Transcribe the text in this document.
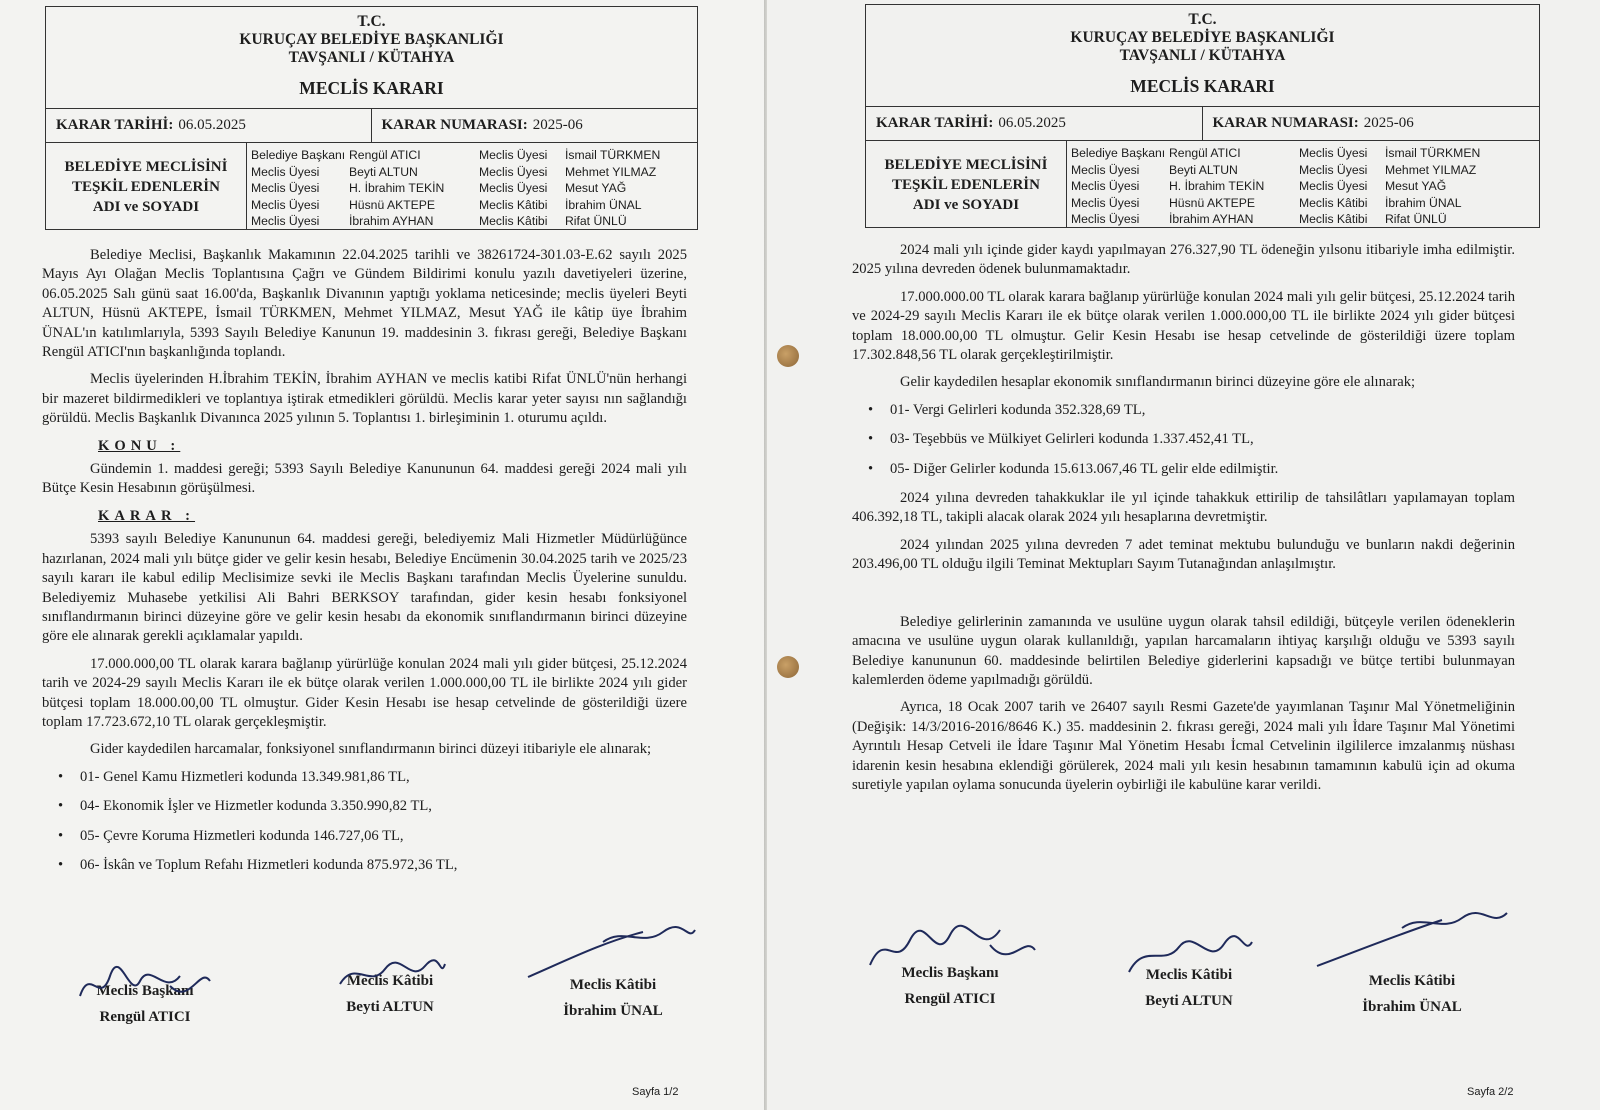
T.C.
KURUÇAY BELEDİYE BAŞKANLIĞI
TAVŞANLI / KÜTAHYA
MECLİS KARARI
KARAR TARİHİ: 06.05.2025	KARAR NUMARASI: 2025-06
BELEDİYE MECLİSİNİ
TEŞKİL EDENLERİN
ADI ve SOYADI
Belediye Başkanı Rengül ATICI	Meclis Üyesi	İsmail TÜRKMEN
Meclis Üyesi	Beyti ALTUN	Meclis Üyesi	Mehmet YILMAZ
Meclis Üyesi	H. İbrahim TEKİN	Meclis Üyesi	Mesut YAĞ
Meclis Üyesi	Hüsnü AKTEPE	Meclis Kâtibi	İbrahim ÜNAL
Meclis Üyesi	İbrahim AYHAN	Meclis Kâtibi	Rifat ÜNLÜ

Belediye Meclisi, Başkanlık Makamının 22.04.2025 tarihli ve 38261724-301.03-E.62 sayılı 2025 Mayıs Ayı Olağan Meclis Toplantısına Çağrı ve Gündem Bildirimi konulu yazılı davetiyeleri üzerine, 06.05.2025 Salı günü saat 16.00'da, Başkanlık Divanının yaptığı yoklama neticesinde; meclis üyeleri Beyti ALTUN, Hüsnü AKTEPE, İsmail TÜRKMEN, Mehmet YILMAZ, Mesut YAĞ ile kâtip üye İbrahim ÜNAL'ın katılımlarıyla, 5393 Sayılı Belediye Kanunun 19. maddesinin 3. fıkrası gereği, Belediye Başkanı Rengül ATICI'nın başkanlığında toplandı.

Meclis üyelerinden H.İbrahim TEKİN, İbrahim AYHAN ve meclis katibi Rifat ÜNLÜ'nün herhangi bir mazeret bildirmedikleri ve toplantıya iştirak etmedikleri görüldü. Meclis karar yeter sayısı nın sağlandığı görüldü. Meclis Başkanlık Divanınca 2025 yılının 5. Toplantısı 1. birleşiminin 1. oturumu açıldı.

KONU :

Gündemin 1. maddesi gereği; 5393 Sayılı Belediye Kanununun 64. maddesi gereği 2024 mali yılı Bütçe Kesin Hesabının görüşülmesi.

KARAR :

5393 sayılı Belediye Kanununun 64. maddesi gereği, belediyemiz Mali Hizmetler Müdürlüğünce hazırlanan, 2024 mali yılı bütçe gider ve gelir kesin hesabı, Belediye Encümenin 30.04.2025 tarih ve 2025/23 sayılı kararı ile kabul edilip Meclisimize sevki ile Meclis Başkanı tarafından Meclis Üyelerine sunuldu. Belediyemiz Muhasebe yetkilisi Ali Bahri BERKSOY tarafından, gider kesin hesabı fonksiyonel sınıflandırmanın birinci düzeyine göre ve gelir kesin hesabı da ekonomik sınıflandırmanın birinci düzeyine göre ele alınarak gerekli açıklamalar yapıldı.

17.000.000,00 TL olarak karara bağlanıp yürürlüğe konulan 2024 mali yılı gider bütçesi, 25.12.2024 tarih ve 2024-29 sayılı Meclis Kararı ile ek bütçe olarak verilen 1.000.000,00 TL ile birlikte 2024 yılı gider bütçesi toplam 18.000.00,00 TL olmuştur. Gider Kesin Hesabı ise hesap cetvelinde de gösterildiği üzere toplam 17.723.672,10 TL olarak gerçekleşmiştir.

Gider kaydedilen harcamalar, fonksiyonel sınıflandırmanın birinci düzeyi itibariyle ele alınarak;

• 01- Genel Kamu Hizmetleri kodunda 13.349.981,86 TL,
• 04- Ekonomik İşler ve Hizmetler kodunda 3.350.990,82 TL,
• 05- Çevre Koruma Hizmetleri kodunda 146.727,06 TL,
• 06- İskân ve Toplum Refahı Hizmetleri kodunda 875.972,36 TL,
Meclis Başkanı
Rengül ATICI
Meclis Kâtibi
Beyti ALTUN
Meclis Kâtibi
İbrahim ÜNAL
Sayfa 1/2
T.C.
KURUÇAY BELEDİYE BAŞKANLIĞI
TAVŞANLI / KÜTAHYA
MECLİS KARARI
KARAR TARİHİ: 06.05.2025	KARAR NUMARASI: 2025-06
BELEDİYE MECLİSİNİ
TEŞKİL EDENLERİN
ADI ve SOYADI
Belediye Başkanı Rengül ATICI	Meclis Üyesi	İsmail TÜRKMEN
Meclis Üyesi	Beyti ALTUN	Meclis Üyesi	Mehmet YILMAZ
Meclis Üyesi	H. İbrahim TEKİN	Meclis Üyesi	Mesut YAĞ
Meclis Üyesi	Hüsnü AKTEPE	Meclis Kâtibi	İbrahim ÜNAL
Meclis Üyesi	İbrahim AYHAN	Meclis Kâtibi	Rifat ÜNLÜ

2024 mali yılı içinde gider kaydı yapılmayan 276.327,90 TL ödeneğin yılsonu itibariyle imha edilmiştir. 2025 yılına devreden ödenek bulunmamaktadır.

17.000.000.00 TL olarak karara bağlanıp yürürlüğe konulan 2024 mali yılı gelir bütçesi, 25.12.2024 tarih ve 2024-29 sayılı Meclis Kararı ile ek bütçe olarak verilen 1.000.000,00 TL ile birlikte 2024 yılı gider bütçesi toplam 18.000.00,00 TL olmuştur. Gelir Kesin Hesabı ise hesap cetvelinde de gösterildiği üzere toplam 17.302.848,56 TL olarak gerçekleştirilmiştir.

Gelir kaydedilen hesaplar ekonomik sınıflandırmanın birinci düzeyine göre ele alınarak;

• 01- Vergi Gelirleri kodunda 352.328,69 TL,
• 03- Teşebbüs ve Mülkiyet Gelirleri kodunda 1.337.452,41 TL,
• 05- Diğer Gelirler kodunda 15.613.067,46 TL gelir elde edilmiştir.

2024 yılına devreden tahakkuklar ile yıl içinde tahakkuk ettirilip de tahsilâtları yapılamayan toplam 406.392,18 TL, takipli alacak olarak 2024 yılı hesaplarına devretmiştir.

2024 yılından 2025 yılına devreden 7 adet teminat mektubu bulunduğu ve bunların nakdi değerinin 203.496,00 TL olduğu ilgili Teminat Mektupları Sayım Tutanağından anlaşılmıştır.

Belediye gelirlerinin zamanında ve usulüne uygun olarak tahsil edildiği, bütçeyle verilen ödeneklerin amacına ve usulüne uygun olarak kullanıldığı, yapılan harcamaların ihtiyaç karşılığı olduğu ve 5393 sayılı Belediye kanununun 60. maddesinde belirtilen Belediye giderlerini kapsadığı ve bütçe tertibi bulunmayan kalemlerden ödeme yapılmadığı görüldü.

Ayrıca, 18 Ocak 2007 tarih ve 26407 sayılı Resmi Gazete'de yayımlanan Taşınır Mal Yönetmeliğinin (Değişik: 14/3/2016-2016/8646 K.) 35. maddesinin 2. fıkrası gereği, 2024 mali yılı İdare Taşınır Mal Yönetimi Ayrıntılı Hesap Cetveli ile İdare Taşınır Mal Yönetim Hesabı İcmal Cetvelinin ilgililerce imzalanmış nüshası idarenin kesin hesabına eklendiği görülerek, 2024 mali yılı kesin hesabının tamamının kabulü için ad okuma suretiyle yapılan oylama sonucunda üyelerin oybirliği ile kabulüne karar verildi.

Meclis Başkanı
Rengül ATICI
Meclis Kâtibi
Beyti ALTUN
Meclis Kâtibi
İbrahim ÜNAL
Sayfa 2/2
